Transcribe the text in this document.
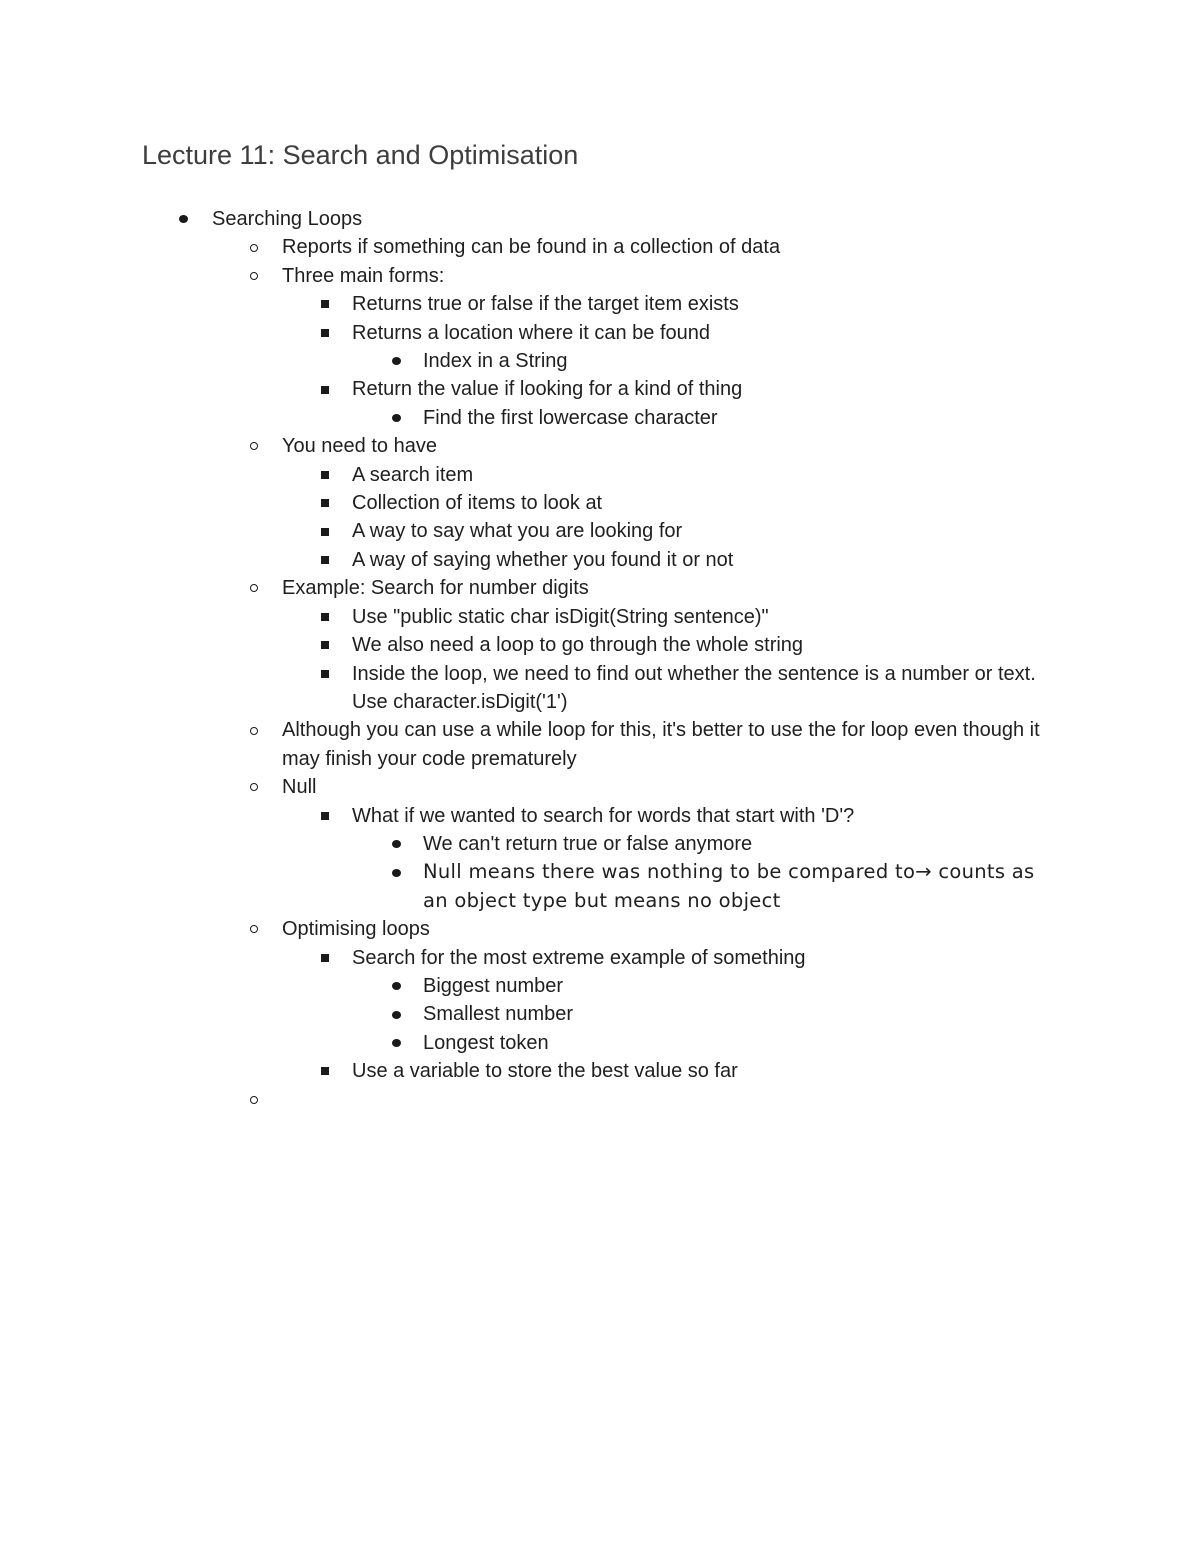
Lecture 11: Search and Optimisation
Searching Loops
Reports if something can be found in a collection of data
Three main forms:
Returns true or false if the target item exists
Returns a location where it can be found
Index in a String
Return the value if looking for a kind of thing
Find the first lowercase character
You need to have
A search item
Collection of items to look at
A way to say what you are looking for
A way of saying whether you found it or not
Example: Search for number digits
Use "public static char isDigit(String sentence)"
We also need a loop to go through the whole string
Inside the loop, we need to find out whether the sentence is a number or text. Use character.isDigit('1')
Although you can use a while loop for this, it's better to use the for loop even though it may finish your code prematurely
Null
What if we wanted to search for words that start with 'D'?
We can't return true or false anymore
Null means there was nothing to be compared to→ counts as an object type but means no object
Optimising loops
Search for the most extreme example of something
Biggest number
Smallest number
Longest token
Use a variable to store the best value so far
